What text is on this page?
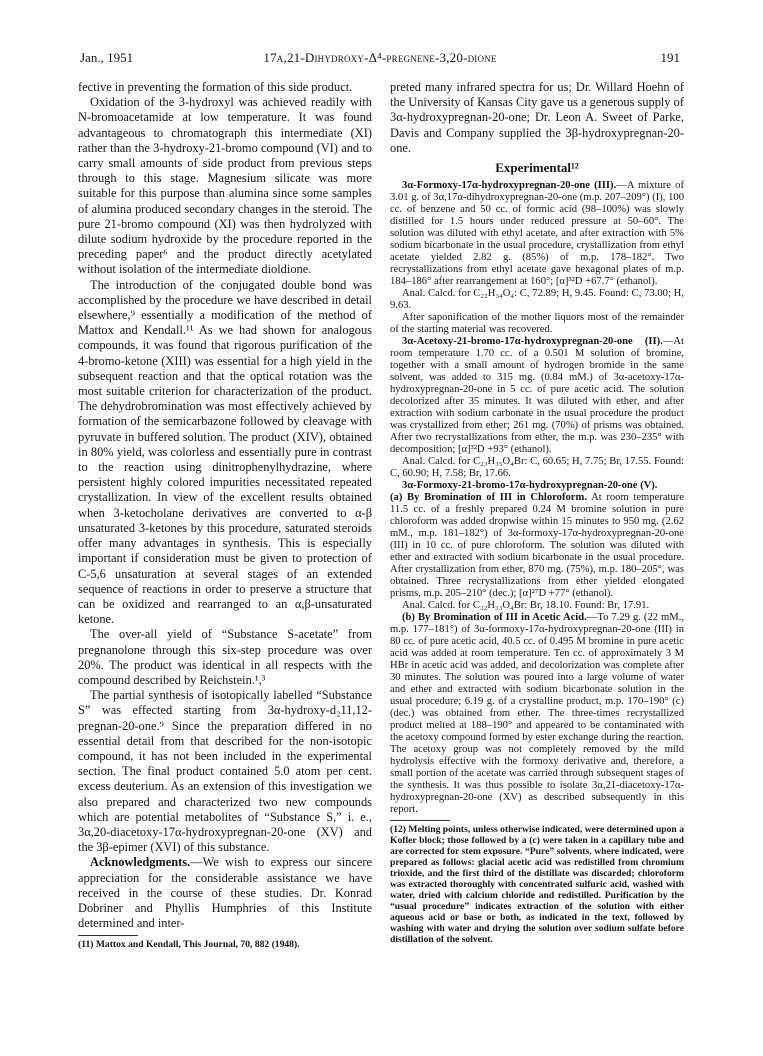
Jan., 1951	17α,21-Dihydroxy-Δ⁴-pregnene-3,20-dione	191

fective in preventing the formation of this side product.

Oxidation of the 3-hydroxyl was achieved readily with N-bromoacetamide at low temperature. It was found advantageous to chromatograph this intermediate (XI) rather than the 3-hydroxy-21-bromo compound (VI) and to carry small amounts of side product from previous steps through to this stage. Magnesium silicate was more suitable for this purpose than alumina since some samples of alumina produced secondary changes in the steroid. The pure 21-bromo compound (XI) was then hydrolyzed with dilute sodium hydroxide by the procedure reported in the preceding paper⁶ and the product directly acetylated without isolation of the intermediate dioldione.

The introduction of the conjugated double bond was accomplished by the procedure we have described in detail elsewhere,⁹ essentially a modification of the method of Mattox and Kendall.¹¹ As we had shown for analogous compounds, it was found that rigorous purification of the 4-bromo-ketone (XIII) was essential for a high yield in the subsequent reaction and that the optical rotation was the most suitable criterion for characterization of the product. The dehydrobromination was most effectively achieved by formation of the semicarbazone followed by cleavage with pyruvate in buffered solution. The product (XIV), obtained in 80% yield, was colorless and essentially pure in contrast to the reaction using dinitrophenylhydrazine, where persistent highly colored impurities necessitated repeated crystallization. In view of the excellent results obtained when 3-ketocholane derivatives are converted to α-β unsaturated 3-ketones by this procedure, saturated steroids offer many advantages in synthesis. This is especially important if consideration must be given to protection of C-5,6 unsaturation at several stages of an extended sequence of reactions in order to preserve a structure that can be oxidized and rearranged to an α,β-unsaturated ketone.

The over-all yield of “Substance S-acetate” from pregnanolone through this six-step procedure was over 20%. The product was identical in all respects with the compound described by Reichstein.¹,³

The partial synthesis of isotopically labelled “Substance S” was effected starting from 3α-hydroxy-d₂11,12-pregnan-20-one.⁹ Since the preparation differed in no essential detail from that described for the non-isotopic compound, it has not been included in the experimental section. The final product contained 5.0 atom per cent. excess deuterium. As an extension of this investigation we also prepared and characterized two new compounds which are potential metabolites of “Substance S,” i. e., 3α,20-diacetoxy-17α-hydroxypregnan-20-one (XV) and the 3β-epimer (XVI) of this substance.

Acknowledgments.—We wish to express our sincere appreciation for the considerable assistance we have received in the course of these studies. Dr. Konrad Dobriner and Phyllis Humphries of this Institute determined and inter-

(11) Mattox and Kendall, This Journal, 70, 882 (1948).

preted many infrared spectra for us; Dr. Willard Hoehn of the University of Kansas City gave us a generous supply of 3α-hydroxypregnan-20-one; Dr. Leon A. Sweet of Parke, Davis and Company supplied the 3β-hydroxypregnan-20-one.

Experimental¹²

3α-Formoxy-17α-hydroxypregnan-20-one (III).—A mixture of 3.01 g. of 3α,17α-dihydroxypregnan-20-one (m.p. 207–209°) (I), 100 cc. of benzene and 50 cc. of formic acid (98–100%) was slowly distilled for 1.5 hours under reduced pressure at 50–60°. The solution was diluted with ethyl acetate, and after extraction with 5% sodium bicarbonate in the usual procedure, crystallization from ethyl acetate yielded 2.82 g. (85%) of m.p. 178–182°. Two recrystallizations from ethyl acetate gave hexagonal plates of m.p. 184–186° after rearrangement at 160°; [α]³²D +67.7° (ethanol).

Anal. Calcd. for C₂₂H₃₄O₄: C, 72.89; H, 9.45. Found: C, 73.00; H, 9.63.

After saponification of the mother liquors most of the remainder of the starting material was recovered.

3α-Acetoxy-21-bromo-17α-hydroxypregnan-20-one (II).—At room temperature 1.70 cc. of a 0.501 M solution of bromine, together with a small amount of hydrogen bromide in the same solvent, was added to 315 mg. (0.84 mM.) of 3α-acetoxy-17α-hydroxypregnan-20-one in 5 cc. of pure acetic acid. The solution decolorized after 35 minutes. It was diluted with ether, and after extraction with sodium carbonate in the usual procedure the product was crystallized from ether; 261 mg. (70%) of prisms was obtained. After two recrystallizations from ether, the m.p. was 230–235° with decomposition; [α]³²D +93° (ethanol).

Anal. Calcd. for C₂₃H₃₅O₄Br: C, 60.65; H, 7.75; Br, 17.55. Found: C, 60.90; H, 7.58; Br, 17.66.

3α-Formoxy-21-bromo-17α-hydroxypregnan-20-one (V).

(a) By Bromination of III in Chloroform. At room temperature 11.5 cc. of a freshly prepared 0.24 M bromine solution in pure chloroform was added dropwise within 15 minutes to 950 mg. (2.62 mM., m.p. 181–182°) of 3α-formoxy-17α-hydroxypregnan-20-one (III) in 10 cc. of pure chloroform. The solution was diluted with ether and extracted with sodium bicarbonate in the usual procedure. After crystallization from ether, 870 mg. (75%), m.p. 180–205°, was obtained. Three recrystallizations from ether yielded elongated prisms, m.p. 205–210° (dec.); [α]²⁷D +77° (ethanol).

Anal. Calcd. for C₂₂H₃₃O₄Br: Br, 18.10. Found: Br, 17.91.

(b) By Bromination of III in Acetic Acid.—To 7.29 g. (22 mM., m.p. 177–181°) of 3α-formoxy-17α-hydroxypregnan-20-one (III) in 80 cc. of pure acetic acid, 40.5 cc. of 0.495 M bromine in pure acetic acid was added at room temperature. Ten cc. of approximately 3 M HBr in acetic acid was added, and decolorization was complete after 30 minutes. The solution was poured into a large volume of water and ether and extracted with sodium bicarbonate solution in the usual procedure; 6.19 g. of a crystalline product, m.p. 170–190° (c) (dec.) was obtained from ether. The three-times recrystallized product melted at 188–190° and appeared to be contaminated with the acetoxy compound formed by ester exchange during the reaction. The acetoxy group was not completely removed by the mild hydrolysis effective with the formoxy derivative and, therefore, a small portion of the acetate was carried through subsequent stages of the synthesis. It was thus possible to isolate 3α,21-diacetoxy-17α-hydroxypregnan-20-one (XV) as described subsequently in this report.

(12) Melting points, unless otherwise indicated, were determined upon a Kofler block; those followed by a (c) were taken in a capillary tube and are corrected for stem exposure. “Pure” solvents, where indicated, were prepared as follows: glacial acetic acid was redistilled from chromium trioxide, and the first third of the distillate was discarded; chloroform was extracted thoroughly with concentrated sulfuric acid, washed with water, dried with calcium chloride and redistilled. Purification by the “usual procedure” indicates extraction of the solution with either aqueous acid or base or both, as indicated in the text, followed by washing with water and drying the solution over sodium sulfate before distillation of the solvent.
